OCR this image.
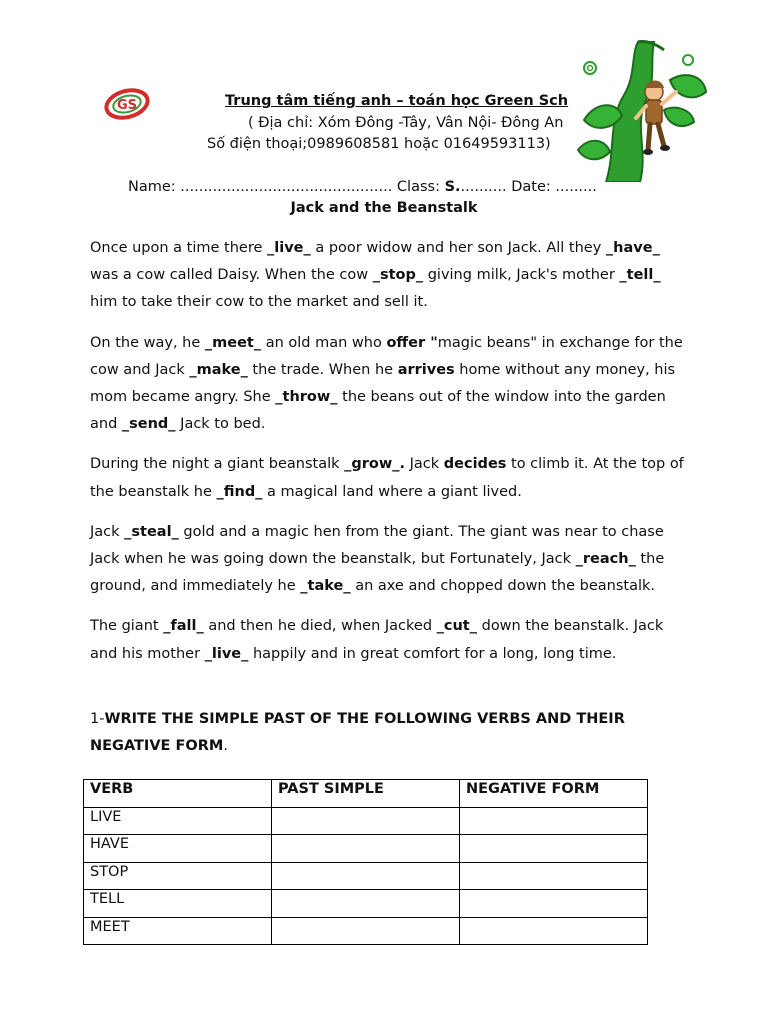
GS	Trung tâm tiếng anh – toán học Green Sch
( Địa chỉ: Xóm Đông -Tây, Vân Nội- Đông An
Số điện thoại;0989608581 hoặc 01649593113)
Name: .............................................. Class: S........... Date: .........
Jack and the Beanstalk

Once upon a time there _live_ a poor widow and her son Jack. All they _have_ was a cow called Daisy. When the cow _stop_ giving milk, Jack's mother _tell_ him to take their cow to the market and sell it.

On the way, he _meet_ an old man who offer "magic beans" in exchange for the cow and Jack _make_ the trade. When he arrives home without any money, his mom became angry. She _throw_ the beans out of the window into the garden and _send_ Jack to bed.

During the night a giant beanstalk _grow_. Jack decides to climb it. At the top of the beanstalk he _find_ a magical land where a giant lived.

Jack _steal_ gold and a magic hen from the giant. The giant was near to chase Jack when he was going down the beanstalk, but Fortunately, Jack _reach_ the ground, and immediately he _take_ an axe and chopped down the beanstalk.

The giant _fall_ and then he died, when Jacked _cut_ down the beanstalk. Jack and his mother _live_ happily and in great comfort for a long, long time.

1-WRITE THE SIMPLE PAST OF THE FOLLOWING VERBS AND THEIR NEGATIVE FORM.
VERB	PAST SIMPLE	NEGATIVE FORM
LIVE		
HAVE		
STOP		
TELL		
MEET		
